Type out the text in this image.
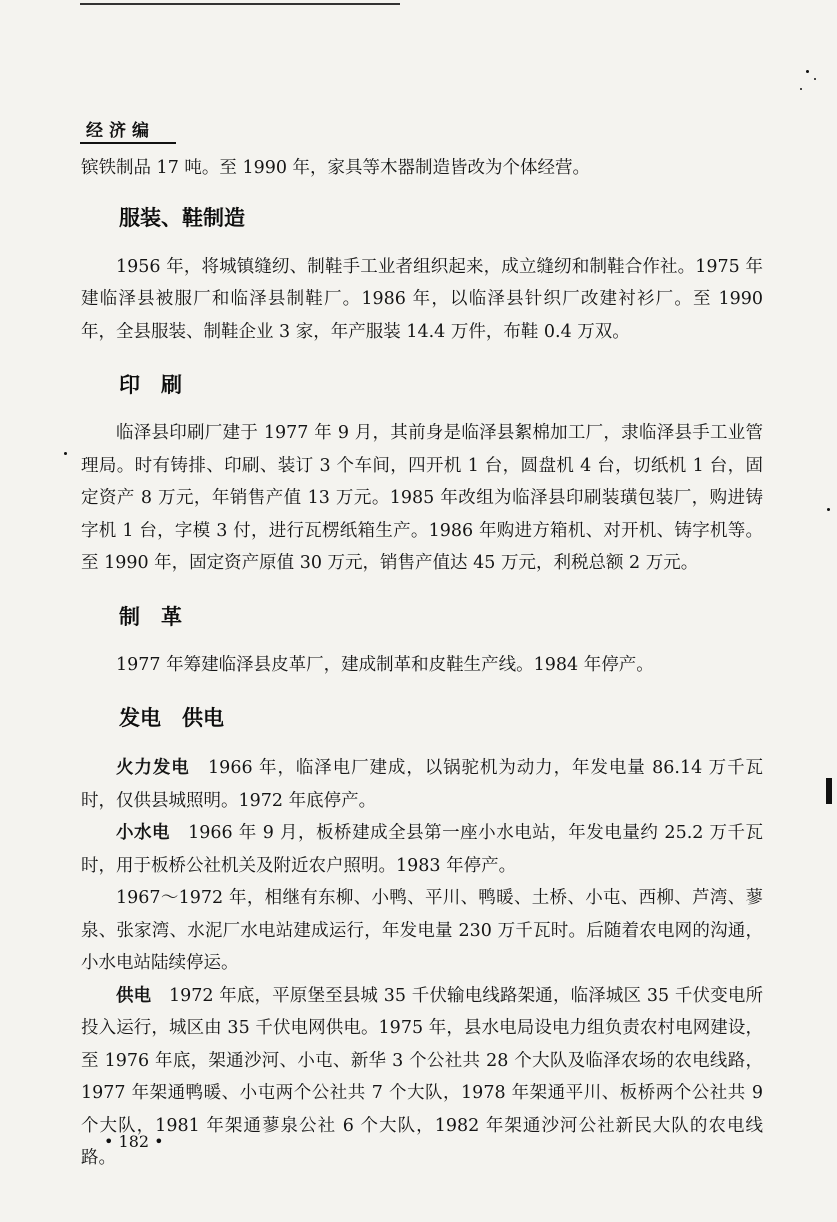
经济编

镔铁制品 17 吨。至 1990 年，家具等木器制造皆改为个体经营。

服装、鞋制造

1956 年，将城镇缝纫、制鞋手工业者组织起来，成立缝纫和制鞋合作社。1975 年建临泽县被服厂和临泽县制鞋厂。1986 年，以临泽县针织厂改建衬衫厂。至 1990 年，全县服装、制鞋企业 3 家，年产服装 14.4 万件，布鞋 0.4 万双。

印　刷

临泽县印刷厂建于 1977 年 9 月，其前身是临泽县絮棉加工厂，隶临泽县手工业管理局。时有铸排、印刷、装订 3 个车间，四开机 1 台，圆盘机 4 台，切纸机 1 台，固定资产 8 万元，年销售产值 13 万元。1985 年改组为临泽县印刷装璜包装厂，购进铸字机 1 台，字模 3 付，进行瓦楞纸箱生产。1986 年购进方箱机、对开机、铸字机等。至 1990 年，固定资产原值 30 万元，销售产值达 45 万元，利税总额 2 万元。

制　革

1977 年筹建临泽县皮革厂，建成制革和皮鞋生产线。1984 年停产。

发电　供电

火力发电　1966 年，临泽电厂建成，以锅驼机为动力，年发电量 86.14 万千瓦时，仅供县城照明。1972 年底停产。

小水电　1966 年 9 月，板桥建成全县第一座小水电站，年发电量约 25.2 万千瓦时，用于板桥公社机关及附近农户照明。1983 年停产。

1967～1972 年，相继有东柳、小鸭、平川、鸭暖、土桥、小屯、西柳、芦湾、蓼泉、张家湾、水泥厂水电站建成运行，年发电量 230 万千瓦时。后随着农电网的沟通，小水电站陆续停运。

供电　1972 年底，平原堡至县城 35 千伏输电线路架通，临泽城区 35 千伏变电所投入运行，城区由 35 千伏电网供电。1975 年，县水电局设电力组负责农村电网建设，至 1976 年底，架通沙河、小屯、新华 3 个公社共 28 个大队及临泽农场的农电线路，1977 年架通鸭暖、小屯两个公社共 7 个大队，1978 年架通平川、板桥两个公社共 9 个大队，1981 年架通蓼泉公社 6 个大队，1982 年架通沙河公社新民大队的农电线路。

• 182 •
